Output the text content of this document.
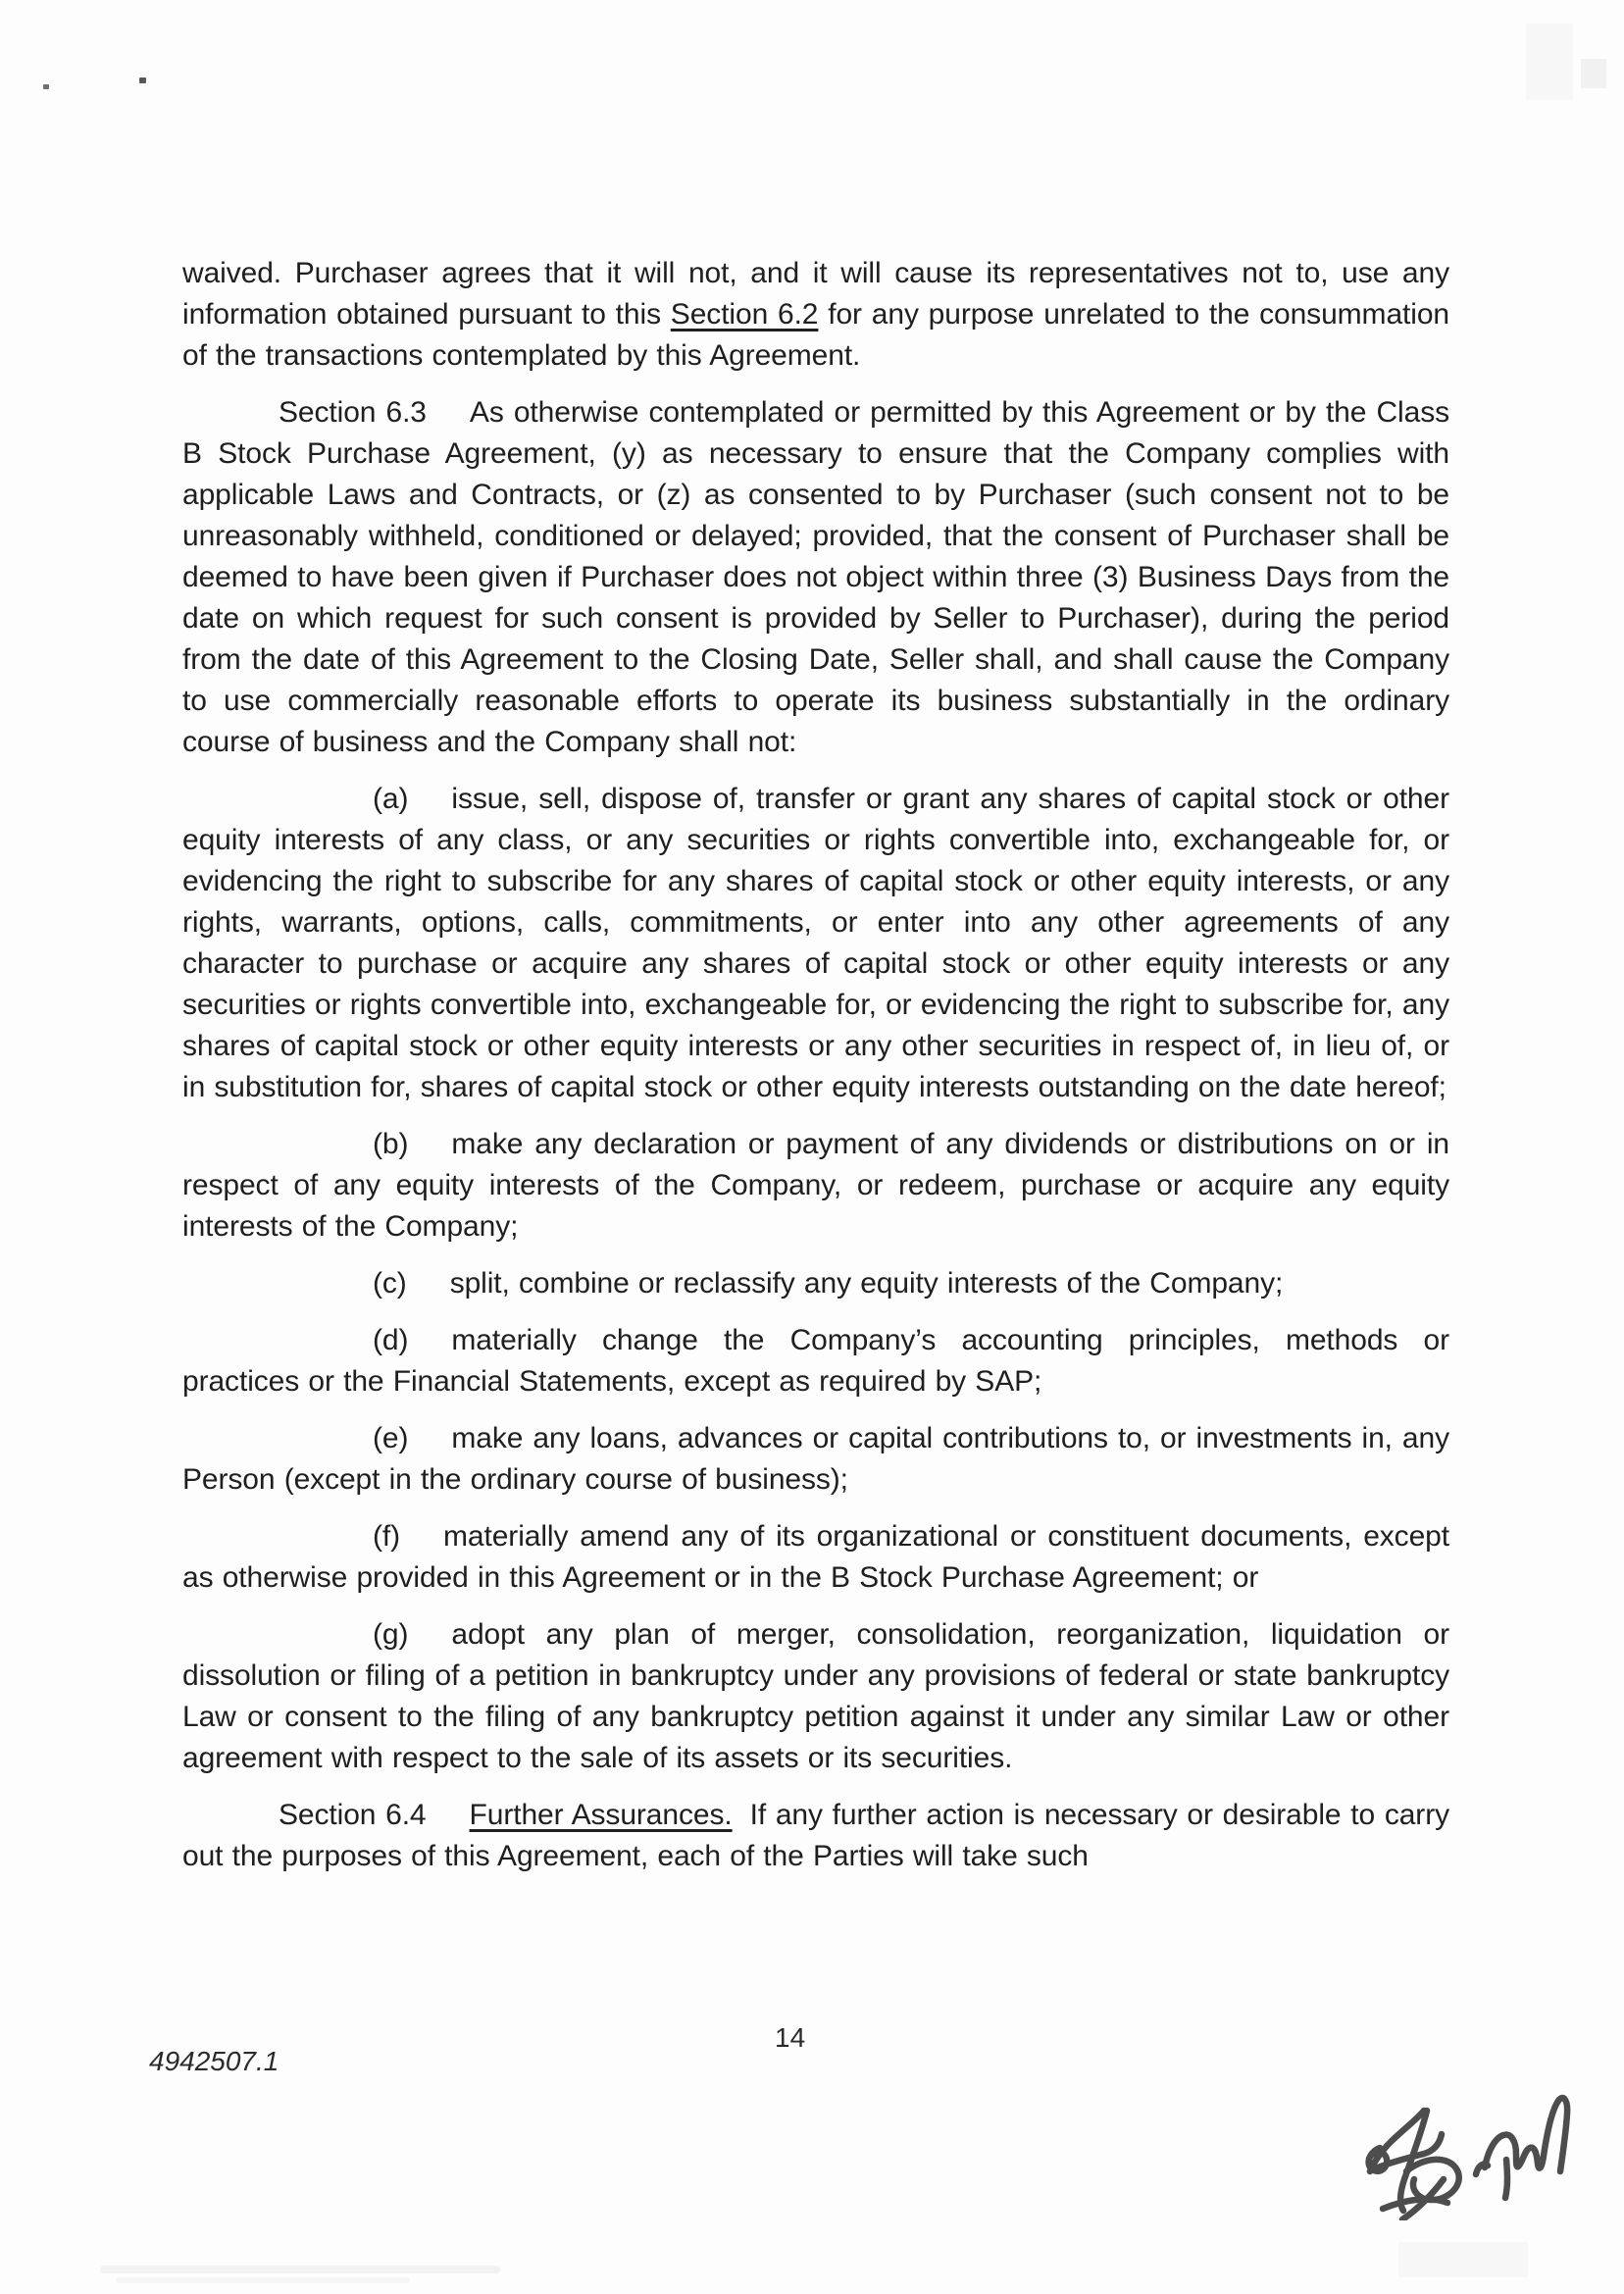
waived. Purchaser agrees that it will not, and it will cause its representatives not to, use any information obtained pursuant to this Section 6.2 for any purpose unrelated to the consummation of the transactions contemplated by this Agreement.

Section 6.3 As otherwise contemplated or permitted by this Agreement or by the Class B Stock Purchase Agreement, (y) as necessary to ensure that the Company complies with applicable Laws and Contracts, or (z) as consented to by Purchaser (such consent not to be unreasonably withheld, conditioned or delayed; provided, that the consent of Purchaser shall be deemed to have been given if Purchaser does not object within three (3) Business Days from the date on which request for such consent is provided by Seller to Purchaser), during the period from the date of this Agreement to the Closing Date, Seller shall, and shall cause the Company to use commercially reasonable efforts to operate its business substantially in the ordinary course of business and the Company shall not:

(a) issue, sell, dispose of, transfer or grant any shares of capital stock or other equity interests of any class, or any securities or rights convertible into, exchangeable for, or evidencing the right to subscribe for any shares of capital stock or other equity interests, or any rights, warrants, options, calls, commitments, or enter into any other agreements of any character to purchase or acquire any shares of capital stock or other equity interests or any securities or rights convertible into, exchangeable for, or evidencing the right to subscribe for, any shares of capital stock or other equity interests or any other securities in respect of, in lieu of, or in substitution for, shares of capital stock or other equity interests outstanding on the date hereof;

(b) make any declaration or payment of any dividends or distributions on or in respect of any equity interests of the Company, or redeem, purchase or acquire any equity interests of the Company;

(c) split, combine or reclassify any equity interests of the Company;

(d) materially change the Company’s accounting principles, methods or practices or the Financial Statements, except as required by SAP;

(e) make any loans, advances or capital contributions to, or investments in, any Person (except in the ordinary course of business);

(f) materially amend any of its organizational or constituent documents, except as otherwise provided in this Agreement or in the B Stock Purchase Agreement; or

(g) adopt any plan of merger, consolidation, reorganization, liquidation or dissolution or filing of a petition in bankruptcy under any provisions of federal or state bankruptcy Law or consent to the filing of any bankruptcy petition against it under any similar Law or other agreement with respect to the sale of its assets or its securities.

Section 6.4 Further Assurances. If any further action is necessary or desirable to carry out the purposes of this Agreement, each of the Parties will take such

14
4942507.1
